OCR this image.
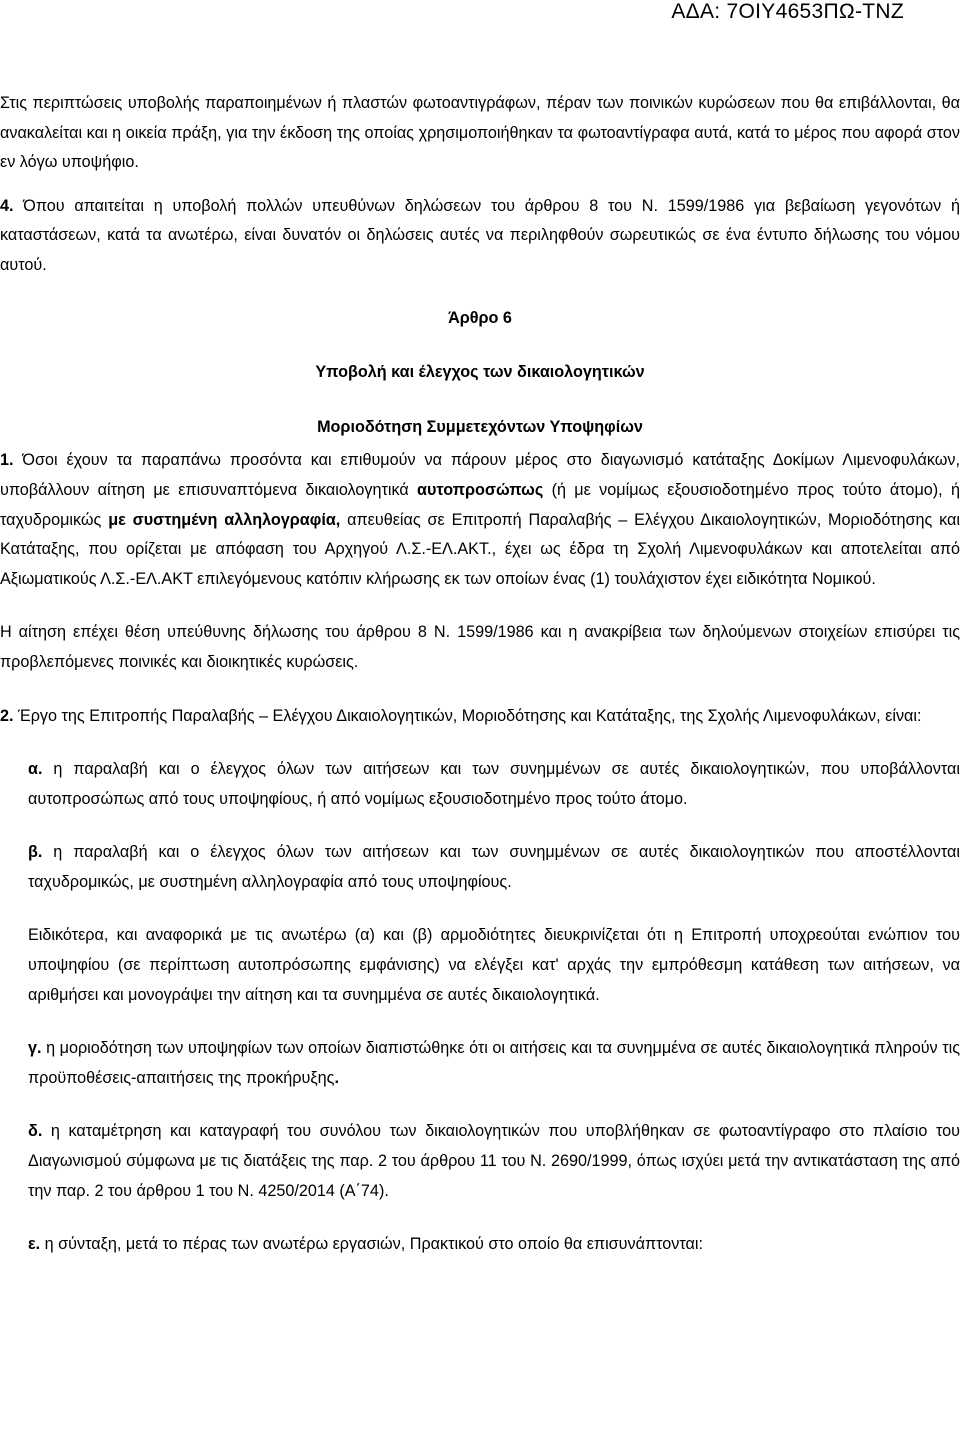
ΑΔΑ: 7ΟΙΥ4653ΠΩ-ΤΝΖ

Στις περιπτώσεις υποβολής παραποιημένων ή πλαστών φωτοαντιγράφων, πέραν των ποινικών κυρώσεων που θα επιβάλλονται, θα ανακαλείται και η οικεία πράξη, για την έκδοση της οποίας χρησιμοποιήθηκαν τα φωτοαντίγραφα αυτά, κατά το μέρος που αφορά στον εν λόγω υποψήφιο.

4. Όπου απαιτείται η υποβολή πολλών υπευθύνων δηλώσεων του άρθρου 8 του Ν. 1599/1986 για βεβαίωση γεγονότων ή καταστάσεων, κατά τα ανωτέρω, είναι δυνατόν οι δηλώσεις αυτές να περιληφθούν σωρευτικώς σε ένα έντυπο δήλωσης του νόμου αυτού.

Άρθρο 6

Υποβολή και έλεγχος των δικαιολογητικών

Μοριοδότηση Συμμετεχόντων Υποψηφίων

1. Όσοι έχουν τα παραπάνω προσόντα και επιθυμούν να πάρουν μέρος στο διαγωνισμό κατάταξης Δοκίμων Λιμενοφυλάκων, υποβάλλουν αίτηση με επισυναπτόμενα δικαιολογητικά αυτοπροσώπως (ή με νομίμως εξουσιοδοτημένο προς τούτο άτομο), ή ταχυδρομικώς με συστημένη αλληλογραφία, απευθείας σε Επιτροπή Παραλαβής – Ελέγχου Δικαιολογητικών, Μοριοδότησης και Κατάταξης, που ορίζεται με απόφαση του Αρχηγού Λ.Σ.-ΕΛ.ΑΚΤ., έχει ως έδρα τη Σχολή Λιμενοφυλάκων και αποτελείται από Αξιωματικούς Λ.Σ.-ΕΛ.ΑΚΤ επιλεγόμενους κατόπιν κλήρωσης εκ των οποίων ένας (1) τουλάχιστον έχει ειδικότητα Νομικού.

Η αίτηση επέχει θέση υπεύθυνης δήλωσης του άρθρου 8 Ν. 1599/1986 και η ανακρίβεια των δηλούμενων στοιχείων επισύρει τις προβλεπόμενες ποινικές και διοικητικές κυρώσεις.

2. Έργο της Επιτροπής Παραλαβής – Ελέγχου Δικαιολογητικών, Μοριοδότησης και Κατάταξης, της Σχολής Λιμενοφυλάκων, είναι:

α. η παραλαβή και ο έλεγχος όλων των αιτήσεων και των συνημμένων σε αυτές δικαιολογητικών, που υποβάλλονται αυτοπροσώπως από τους υποψηφίους, ή από νομίμως εξουσιοδοτημένο προς τούτο άτομο.

β. η παραλαβή και ο έλεγχος όλων των αιτήσεων και των συνημμένων σε αυτές δικαιολογητικών που αποστέλλονται ταχυδρομικώς, με συστημένη αλληλογραφία από τους υποψηφίους.

Ειδικότερα, και αναφορικά με τις ανωτέρω (α) και (β) αρμοδιότητες διευκρινίζεται ότι η Επιτροπή υποχρεούται ενώπιον του υποψηφίου (σε περίπτωση αυτοπρόσωπης εμφάνισης) να ελέγξει κατ' αρχάς την εμπρόθεσμη κατάθεση των αιτήσεων, να αριθμήσει και μονογράψει την αίτηση και τα συνημμένα σε αυτές δικαιολογητικά.

γ. η μοριοδότηση των υποψηφίων των οποίων διαπιστώθηκε ότι οι αιτήσεις και τα συνημμένα σε αυτές δικαιολογητικά πληρούν τις προϋποθέσεις-απαιτήσεις της προκήρυξης.

δ. η καταμέτρηση και καταγραφή του συνόλου των δικαιολογητικών που υποβλήθηκαν σε φωτοαντίγραφο στο πλαίσιο του Διαγωνισμού σύμφωνα με τις διατάξεις της παρ. 2 του άρθρου 11 του Ν. 2690/1999, όπως ισχύει μετά την αντικατάσταση της από την παρ. 2 του άρθρου 1 του Ν. 4250/2014 (Α΄74).

ε. η σύνταξη, μετά το πέρας των ανωτέρω εργασιών, Πρακτικού στο οποίο θα επισυνάπτονται:
